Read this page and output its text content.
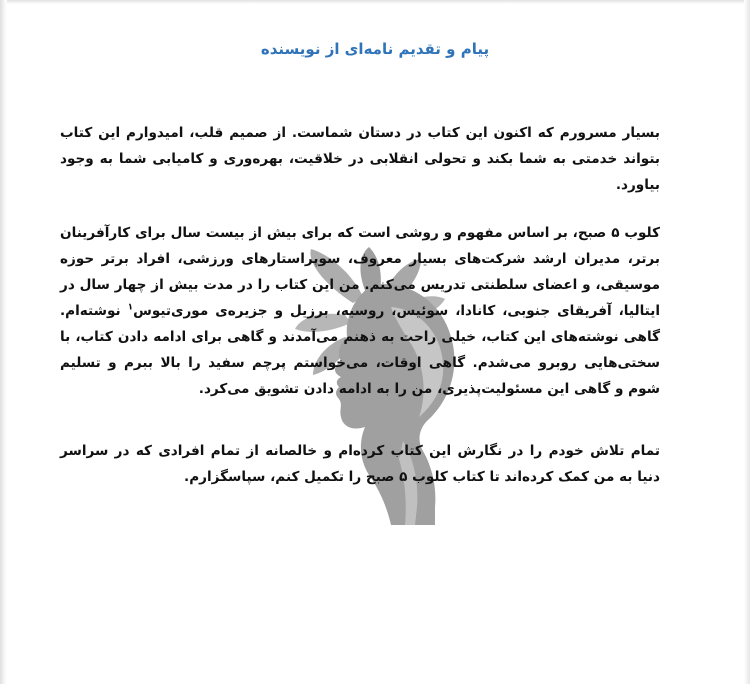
پیام و تقدیم نامه‌ای از نویسنده

بسیار مسرورم که اکنون این کتاب در دستان شماست. از صمیم قلب، امیدوارم این کتاب بتواند خدمتی به شما بکند و تحولی انقلابی در خلاقیت، بهره‌وری و کامیابی شما به وجود بیاورد.

کلوب ۵ صبح، بر اساس مفهوم و روشی است که برای بیش از بیست سال برای کارآفرینان برتر، مدیران ارشد شرکت‌های بسیار معروف، سوپراستارهای ورزشی، افراد برتر حوزه موسیقی، و اعضای سلطنتی تدریس می‌کنم. من این کتاب را در مدت بیش از چهار سال در ایتالیا، آفریقای جنوبی، کانادا، سوئیس، روسیه، برزیل و جزیره‌ی موری‌تیوس$^۱$ نوشته‌ام. گاهی نوشته‌های این کتاب، خیلی راحت به ذهنم می‌آمدند و گاهی برای ادامه دادن کتاب، با سختی‌هایی روبرو می‌شدم. گاهی اوقات، می‌خواستم پرچم سفید را بالا ببرم و تسلیم شوم و گاهی این مسئولیت‌پذیری، من را به ادامه دادن تشویق می‌کرد.

تمام تلاش خودم را در نگارش این کتاب کرده‌ام و خالصانه از تمام افرادی که در سراسر دنیا به من کمک کرده‌اند تا کتاب کلوب ۵ صبح را تکمیل کنم، سپاسگزارم.
